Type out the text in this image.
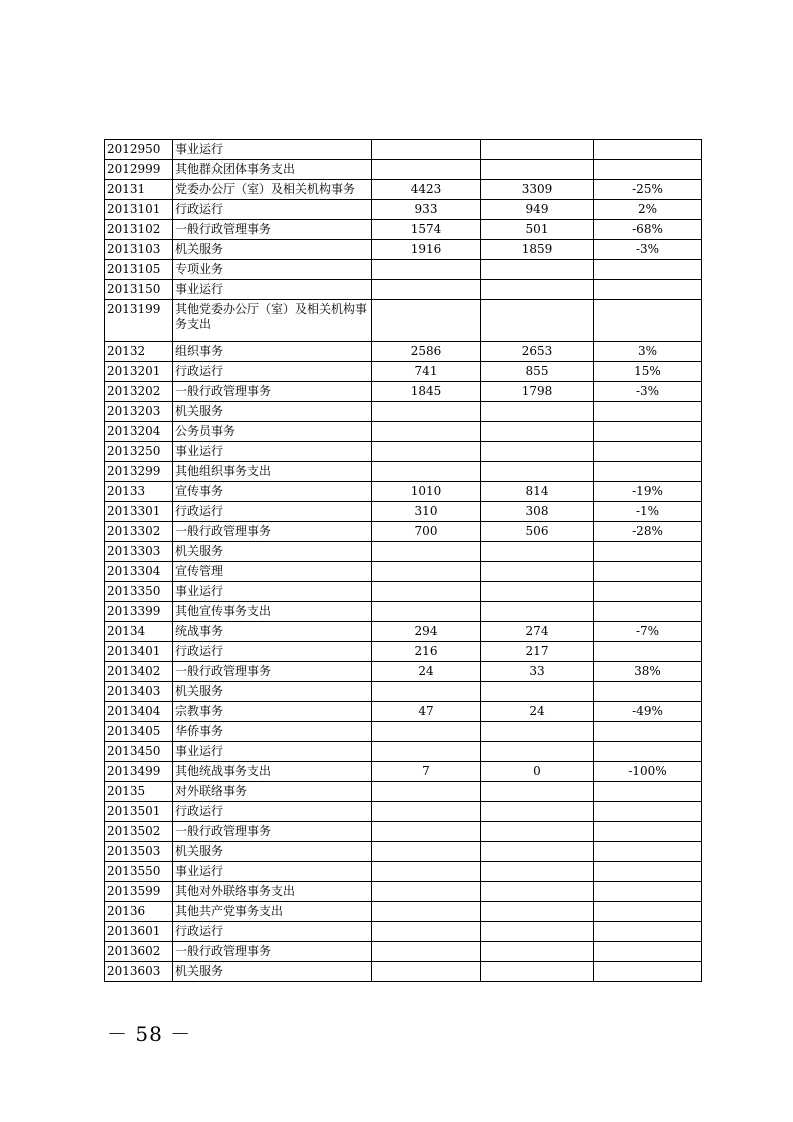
2012950	事业运行			
2012999	其他群众团体事务支出			
20131	党委办公厅（室）及相关机构事务	4423	3309	-25%
2013101	行政运行	933	949	2%
2013102	一般行政管理事务	1574	501	-68%
2013103	机关服务	1916	1859	-3%
2013105	专项业务			
2013150	事业运行			
2013199	其他党委办公厅（室）及相关机构事务支出			
20132	组织事务	2586	2653	3%
2013201	行政运行	741	855	15%
2013202	一般行政管理事务	1845	1798	-3%
2013203	机关服务			
2013204	公务员事务			
2013250	事业运行			
2013299	其他组织事务支出			
20133	宣传事务	1010	814	-19%
2013301	行政运行	310	308	-1%
2013302	一般行政管理事务	700	506	-28%
2013303	机关服务			
2013304	宣传管理			
2013350	事业运行			
2013399	其他宣传事务支出			
20134	统战事务	294	274	-7%
2013401	行政运行	216	217	
2013402	一般行政管理事务	24	33	38%
2013403	机关服务			
2013404	宗教事务	47	24	-49%
2013405	华侨事务			
2013450	事业运行			
2013499	其他统战事务支出	7	0	-100%
20135	对外联络事务			
2013501	行政运行			
2013502	一般行政管理事务			
2013503	机关服务			
2013550	事业运行			
2013599	其他对外联络事务支出			
20136	其他共产党事务支出			
2013601	行政运行			
2013602	一般行政管理事务			
2013603	机关服务			
－ 58 －
